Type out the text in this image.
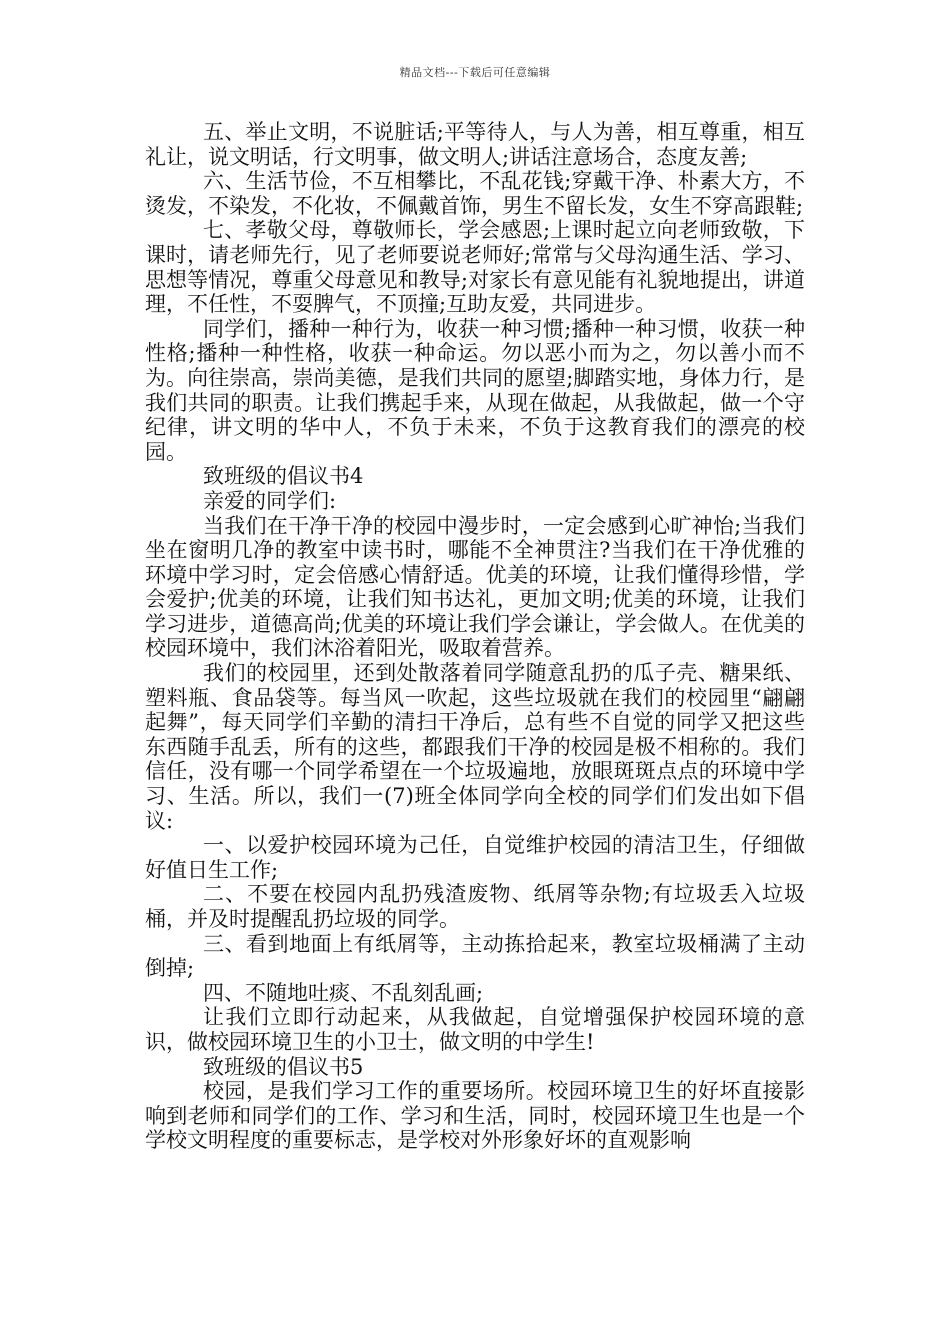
精品文档---下载后可任意编辑

五、举止文明，不说脏话;平等待人，与人为善，相互尊重，相互礼让，说文明话，行文明事，做文明人;讲话注意场合，态度友善;

六、生活节俭，不互相攀比，不乱花钱;穿戴干净、朴素大方，不烫发，不染发，不化妆，不佩戴首饰，男生不留长发，女生不穿高跟鞋;

七、孝敬父母，尊敬师长，学会感恩;上课时起立向老师致敬，下课时，请老师先行，见了老师要说老师好;常常与父母沟通生活、学习、思想等情况，尊重父母意见和教导;对家长有意见能有礼貌地提出，讲道理，不任性，不耍脾气，不顶撞;互助友爱，共同进步。

同学们，播种一种行为，收获一种习惯;播种一种习惯，收获一种性格;播种一种性格，收获一种命运。勿以恶小而为之，勿以善小而不为。向往崇高，崇尚美德，是我们共同的愿望;脚踏实地，身体力行，是我们共同的职责。让我们携起手来，从现在做起，从我做起，做一个守纪律，讲文明的华中人，不负于未来，不负于这教育我们的漂亮的校园。

致班级的倡议书4

亲爱的同学们:

当我们在干净干净的校园中漫步时，一定会感到心旷神怡;当我们坐在窗明几净的教室中读书时，哪能不全神贯注?当我们在干净优雅的环境中学习时，定会倍感心情舒适。优美的环境，让我们懂得珍惜，学会爱护;优美的环境，让我们知书达礼，更加文明;优美的环境，让我们学习进步，道德高尚;优美的环境让我们学会谦让，学会做人。在优美的校园环境中，我们沐浴着阳光，吸取着营养。

我们的校园里，还到处散落着同学随意乱扔的瓜子壳、糖果纸、塑料瓶、食品袋等。每当风一吹起，这些垃圾就在我们的校园里“翩翩起舞”，每天同学们辛勤的清扫干净后，总有些不自觉的同学又把这些东西随手乱丢，所有的这些，都跟我们干净的校园是极不相称的。我们信任，没有哪一个同学希望在一个垃圾遍地，放眼斑斑点点的环境中学习、生活。所以，我们一(7)班全体同学向全校的同学们们发出如下倡议:

一、以爱护校园环境为己任，自觉维护校园的清洁卫生，仔细做好值日生工作;

二、不要在校园内乱扔残渣废物、纸屑等杂物;有垃圾丢入垃圾桶，并及时提醒乱扔垃圾的同学。

三、看到地面上有纸屑等，主动拣拾起来，教室垃圾桶满了主动倒掉;

四、不随地吐痰、不乱刻乱画;

让我们立即行动起来，从我做起，自觉增强保护校园环境的意识，做校园环境卫生的小卫士，做文明的中学生!

致班级的倡议书5

校园，是我们学习工作的重要场所。校园环境卫生的好坏直接影响到老师和同学们的工作、学习和生活，同时，校园环境卫生也是一个学校文明程度的重要标志，是学校对外形象好坏的直观影响
